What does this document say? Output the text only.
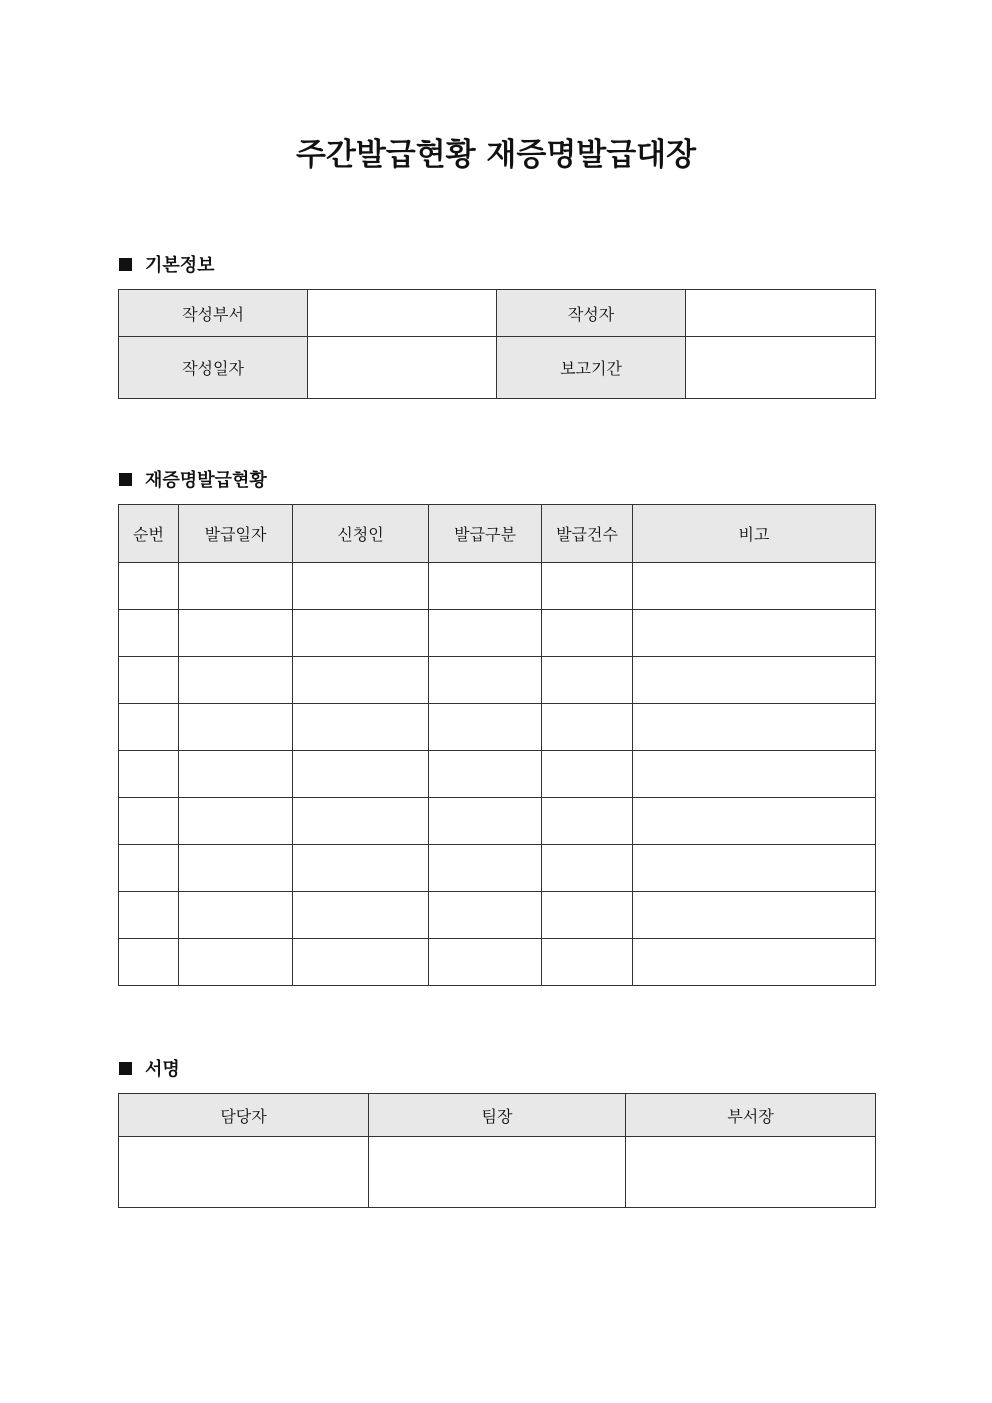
주간발급현황 재증명발급대장
기본정보
작성부서		작성자	
작성일자		보고기간	
재증명발급현황
순번	발급일자	신청인	발급구분	발급건수	비고

서명
담당자	팀장	부서장
